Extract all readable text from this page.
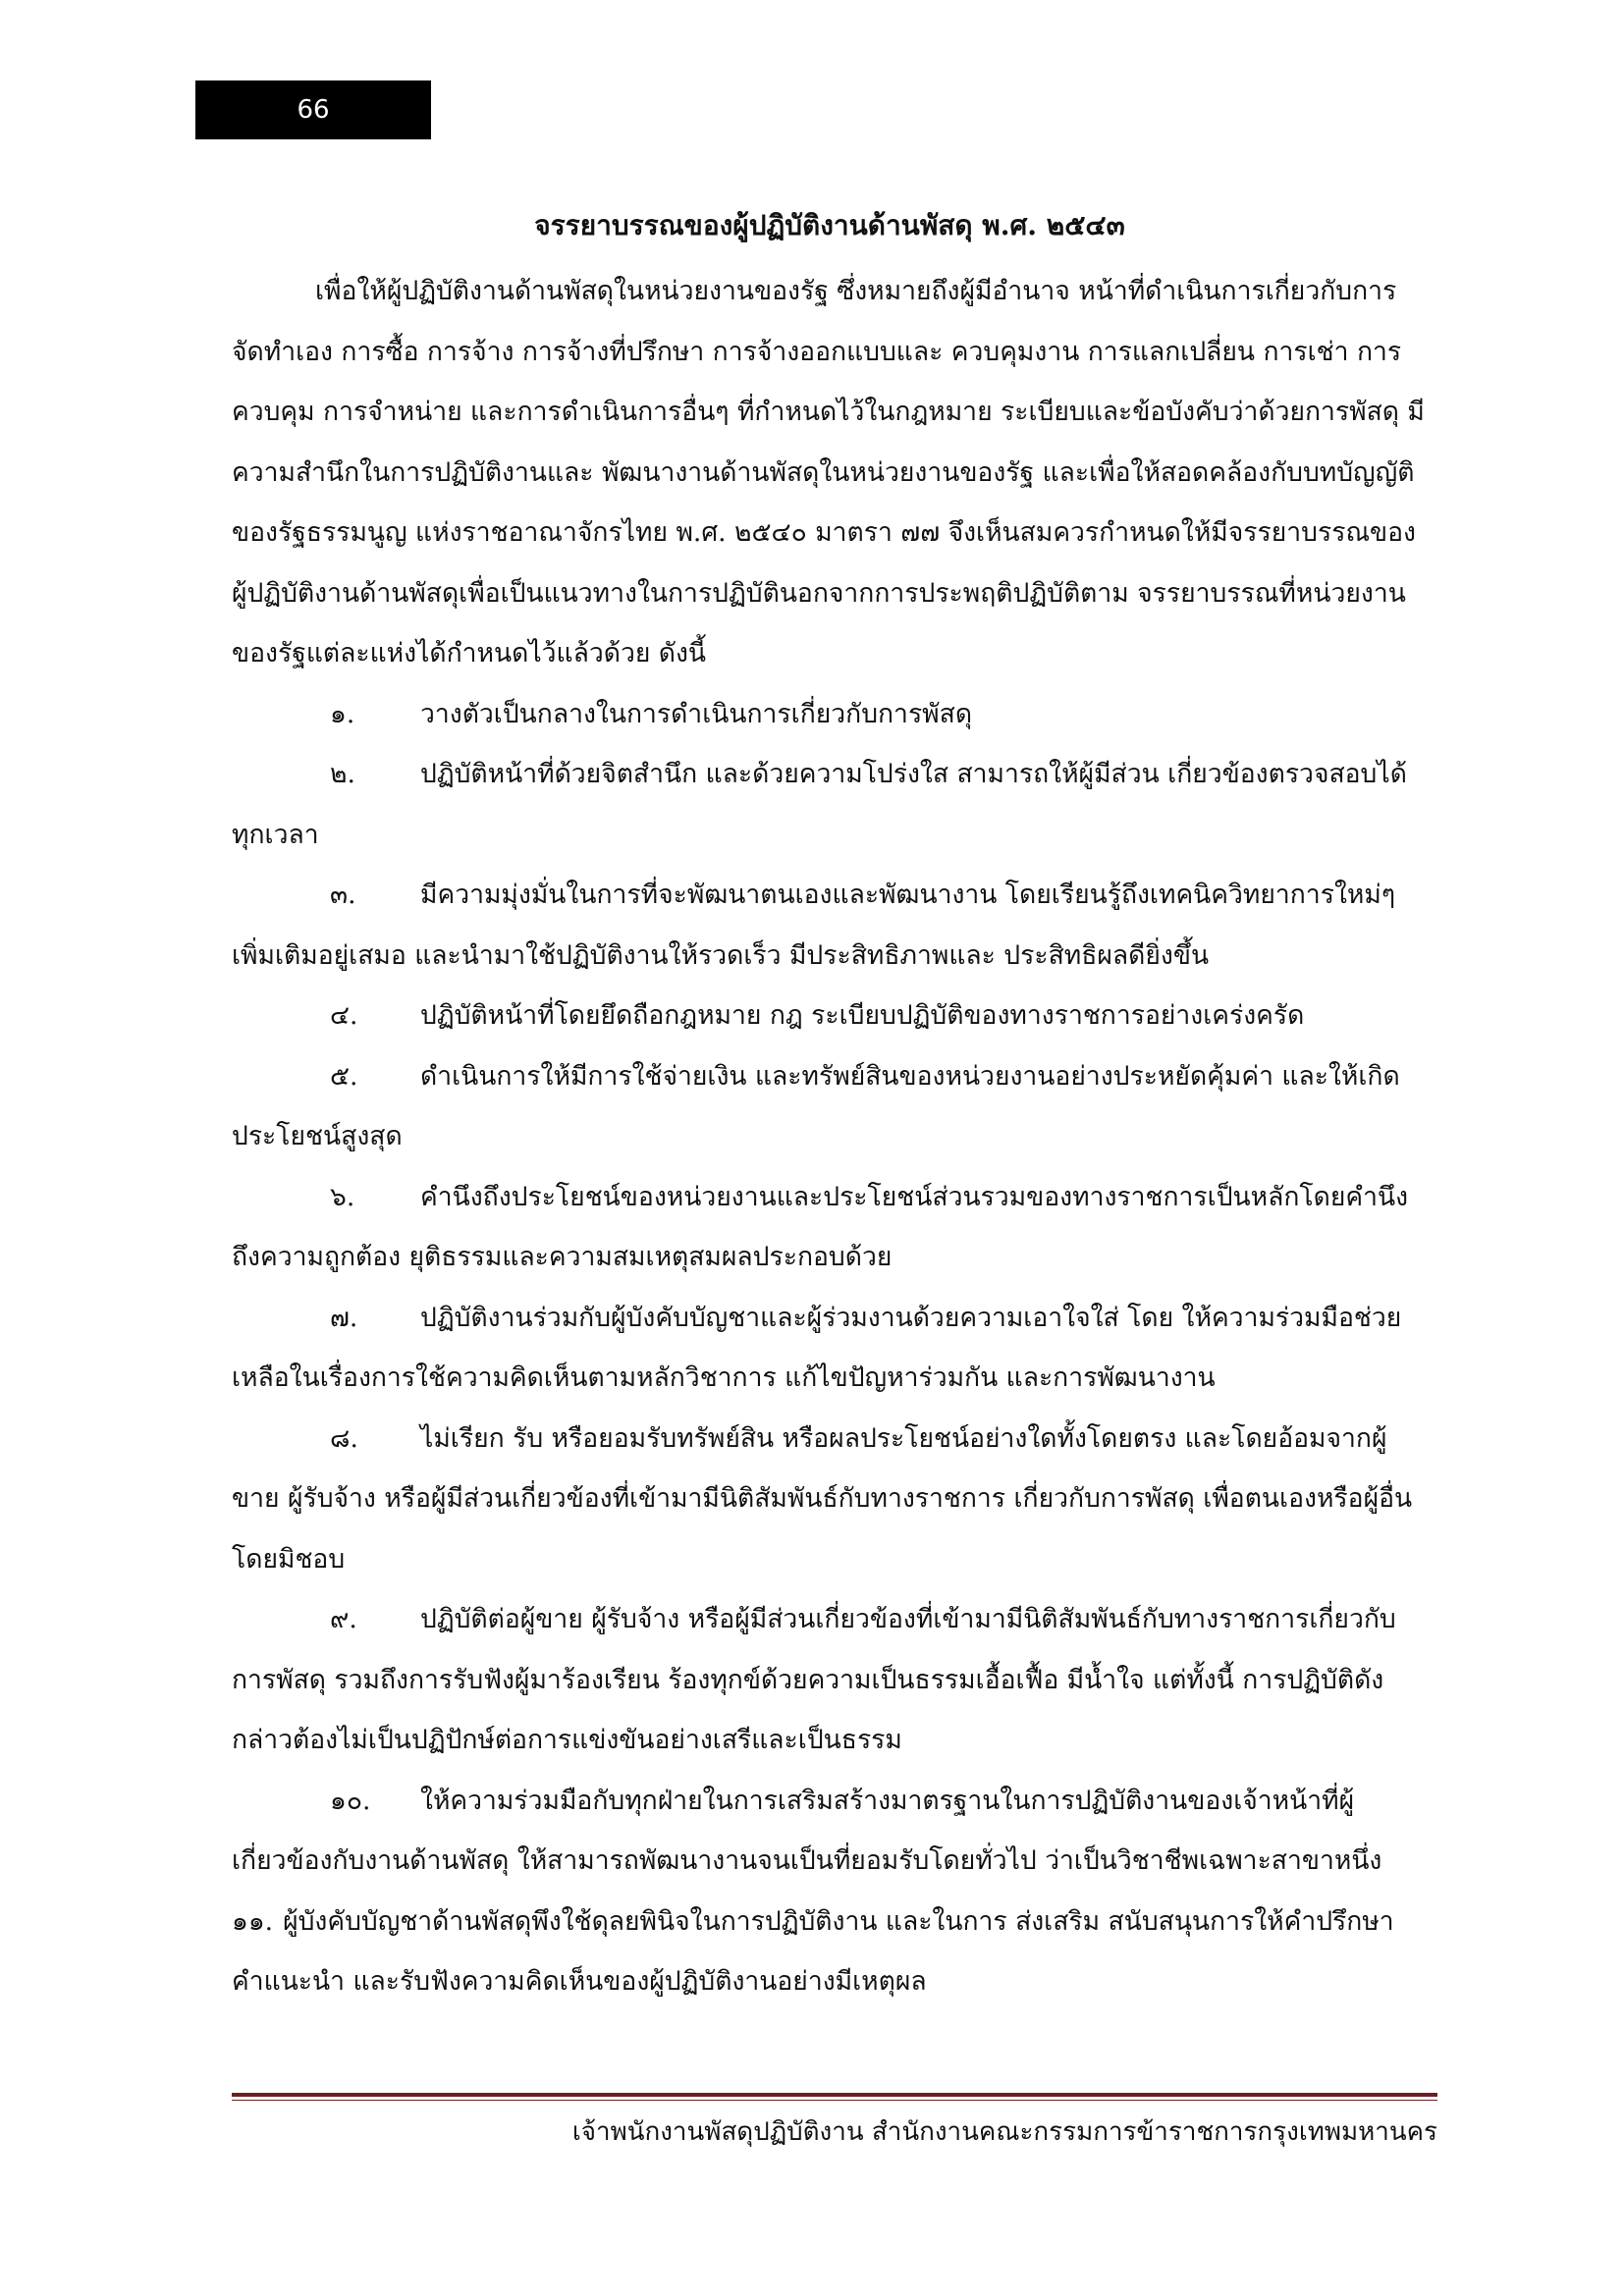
66
จรรยาบรรณของผู้ปฏิบัติงานด้านพัสดุ พ.ศ. ๒๕๔๓

เพื่อให้ผู้ปฏิบัติงานด้านพัสดุในหน่วยงานของรัฐ ซึ่งหมายถึงผู้มีอำนาจ หน้าที่ดำเนินการเกี่ยวกับการจัดทำเอง การซื้อ การจ้าง การจ้างที่ปรึกษา การจ้างออกแบบและ ควบคุมงาน การแลกเปลี่ยน การเช่า การควบคุม การจำหน่าย และการดำเนินการอื่นๆ ที่กำหนดไว้ในกฎหมาย ระเบียบและข้อบังคับว่าด้วยการพัสดุ มีความสำนึกในการปฏิบัติงานและ พัฒนางานด้านพัสดุในหน่วยงานของรัฐ และเพื่อให้สอดคล้องกับบทบัญญัติของรัฐธรรมนูญ แห่งราชอาณาจักรไทย พ.ศ. ๒๕๔๐ มาตรา ๗๗ จึงเห็นสมควรกำหนดให้มีจรรยาบรรณของ ผู้ปฏิบัติงานด้านพัสดุเพื่อเป็นแนวทางในการปฏิบัตินอกจากการประพฤติปฏิบัติตาม จรรยาบรรณที่หน่วยงานของรัฐแต่ละแห่งได้กำหนดไว้แล้วด้วย ดังนี้

๑.	วางตัวเป็นกลางในการดำเนินการเกี่ยวกับการพัสดุ

๒.	ปฏิบัติหน้าที่ด้วยจิตสำนึก และด้วยความโปร่งใส สามารถให้ผู้มีส่วน เกี่ยวข้องตรวจสอบได้ทุกเวลา

๓.	มีความมุ่งมั่นในการที่จะพัฒนาตนเองและพัฒนางาน โดยเรียนรู้ถึงเทคนิควิทยาการใหม่ๆ เพิ่มเติมอยู่เสมอ และนำมาใช้ปฏิบัติงานให้รวดเร็ว มีประสิทธิภาพและ ประสิทธิผลดียิ่งขึ้น

๔.	ปฏิบัติหน้าที่โดยยึดถือกฎหมาย กฎ ระเบียบปฏิบัติของทางราชการอย่างเคร่งครัด

๕.	ดำเนินการให้มีการใช้จ่ายเงิน และทรัพย์สินของหน่วยงานอย่างประหยัดคุ้มค่า และให้เกิดประโยชน์สูงสุด

๖.	คำนึงถึงประโยชน์ของหน่วยงานและประโยชน์ส่วนรวมของทางราชการเป็นหลักโดยคำนึงถึงความถูกต้อง ยุติธรรมและความสมเหตุสมผลประกอบด้วย

๗.	ปฏิบัติงานร่วมกับผู้บังคับบัญชาและผู้ร่วมงานด้วยความเอาใจใส่ โดย ให้ความร่วมมือช่วยเหลือในเรื่องการใช้ความคิดเห็นตามหลักวิชาการ แก้ไขปัญหาร่วมกัน และการพัฒนางาน

๘.	ไม่เรียก รับ หรือยอมรับทรัพย์สิน หรือผลประโยชน์อย่างใดทั้งโดยตรง และโดยอ้อมจากผู้ขาย ผู้รับจ้าง หรือผู้มีส่วนเกี่ยวข้องที่เข้ามามีนิติสัมพันธ์กับทางราชการ เกี่ยวกับการพัสดุ เพื่อตนเองหรือผู้อื่นโดยมิชอบ

๙.	ปฏิบัติต่อผู้ขาย ผู้รับจ้าง หรือผู้มีส่วนเกี่ยวข้องที่เข้ามามีนิติสัมพันธ์กับทางราชการเกี่ยวกับการพัสดุ รวมถึงการรับฟังผู้มาร้องเรียน ร้องทุกข์ด้วยความเป็นธรรมเอื้อเฟื้อ มีน้ำใจ แต่ทั้งนี้ การปฏิบัติดังกล่าวต้องไม่เป็นปฏิปักษ์ต่อการแข่งขันอย่างเสรีและเป็นธรรม

๑๐.	ให้ความร่วมมือกับทุกฝ่ายในการเสริมสร้างมาตรฐานในการปฏิบัติงานของเจ้าหน้าที่ผู้เกี่ยวข้องกับงานด้านพัสดุ ให้สามารถพัฒนางานจนเป็นที่ยอมรับโดยทั่วไป ว่าเป็นวิชาชีพเฉพาะสาขาหนึ่ง

๑๑. ผู้บังคับบัญชาด้านพัสดุพึงใช้ดุลยพินิจในการปฏิบัติงาน และในการ ส่งเสริม สนับสนุนการให้คำปรึกษา คำแนะนำ และรับฟังความคิดเห็นของผู้ปฏิบัติงานอย่างมีเหตุผล

เจ้าพนักงานพัสดุปฏิบัติงาน สำนักงานคณะกรรมการข้าราชการกรุงเทพมหานคร
